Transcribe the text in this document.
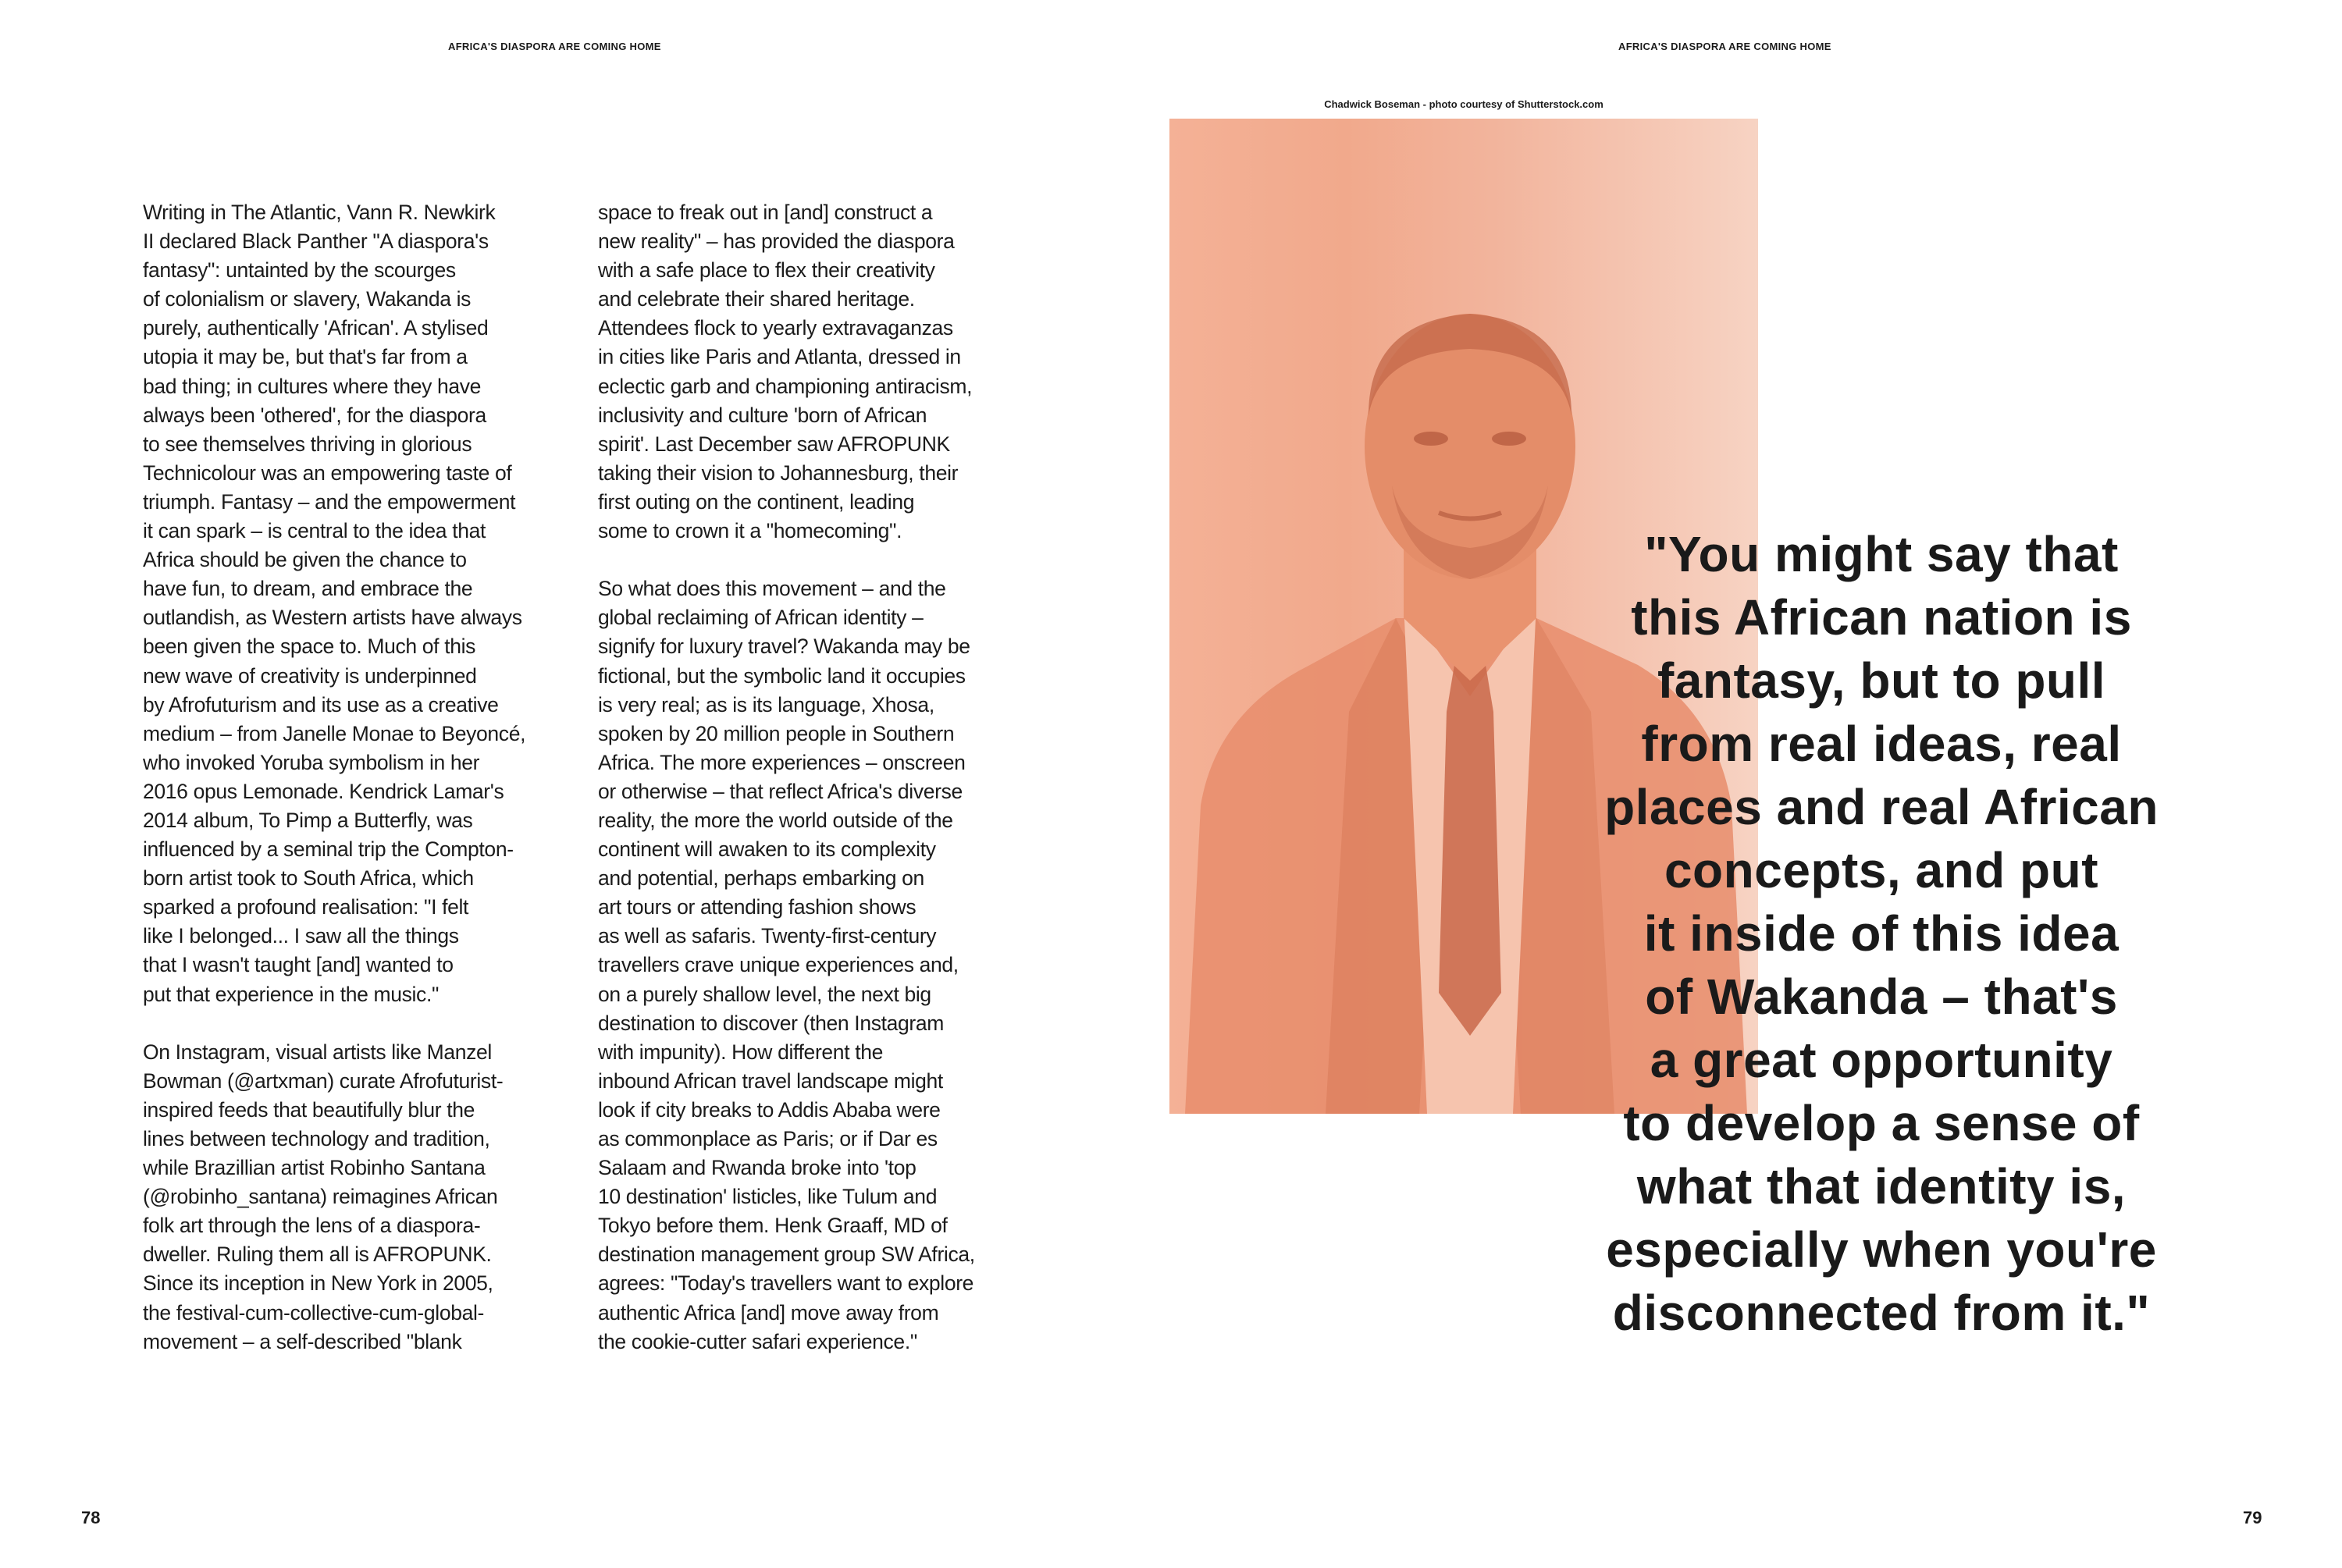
AFRICA'S DIASPORA ARE COMING HOME	AFRICA'S DIASPORA ARE COMING HOME
Writing in The Atlantic, Vann R. Newkirk
II declared Black Panther "A diaspora's
fantasy": untainted by the scourges
of colonialism or slavery, Wakanda is
purely, authentically 'African'. A stylised
utopia it may be, but that's far from a
bad thing; in cultures where they have
always been 'othered', for the diaspora
to see themselves thriving in glorious
Technicolour was an empowering taste of
triumph. Fantasy – and the empowerment
it can spark – is central to the idea that
Africa should be given the chance to
have fun, to dream, and embrace the
outlandish, as Western artists have always
been given the space to. Much of this
new wave of creativity is underpinned
by Afrofuturism and its use as a creative
medium – from Janelle Monae to Beyoncé,
who invoked Yoruba symbolism in her
2016 opus Lemonade. Kendrick Lamar's
2014 album, To Pimp a Butterfly, was
influenced by a seminal trip the Compton-
born artist took to South Africa, which
sparked a profound realisation: "I felt
like I belonged... I saw all the things
that I wasn't taught [and] wanted to
put that experience in the music."
On Instagram, visual artists like Manzel
Bowman (@artxman) curate Afrofuturist-
inspired feeds that beautifully blur the
lines between technology and tradition,
while Brazillian artist Robinho Santana
(@robinho_santana) reimagines African
folk art through the lens of a diaspora-
dweller. Ruling them all is AFROPUNK.
Since its inception in New York in 2005,
the festival-cum-collective-cum-global-
movement – a self-described "blank
space to freak out in [and] construct a
new reality" – has provided the diaspora
with a safe place to flex their creativity
and celebrate their shared heritage.
Attendees flock to yearly extravaganzas
in cities like Paris and Atlanta, dressed in
eclectic garb and championing antiracism,
inclusivity and culture 'born of African
spirit'. Last December saw AFROPUNK
taking their vision to Johannesburg, their
first outing on the continent, leading
some to crown it a "homecoming".
So what does this movement – and the
global reclaiming of African identity –
signify for luxury travel? Wakanda may be
fictional, but the symbolic land it occupies
is very real; as is its language, Xhosa,
spoken by 20 million people in Southern
Africa. The more experiences – onscreen
or otherwise – that reflect Africa's diverse
reality, the more the world outside of the
continent will awaken to its complexity
and potential, perhaps embarking on
art tours or attending fashion shows
as well as safaris. Twenty-first-century
travellers crave unique experiences and,
on a purely shallow level, the next big
destination to discover (then Instagram
with impunity). How different the
inbound African travel landscape might
look if city breaks to Addis Ababa were
as commonplace as Paris; or if Dar es
Salaam and Rwanda broke into 'top
10 destination' listicles, like Tulum and
Tokyo before them. Henk Graaff, MD of
destination management group SW Africa,
agrees: "Today's travellers want to explore
authentic Africa [and] move away from
the cookie-cutter safari experience."
Chadwick Boseman - photo courtesy of Shutterstock.com
"You might say that
this African nation is
fantasy, but to pull
from real ideas, real
places and real African
concepts, and put
it inside of this idea
of Wakanda – that's
a great opportunity
to develop a sense of
what that identity is,
especially when you're
disconnected from it."
78	79
